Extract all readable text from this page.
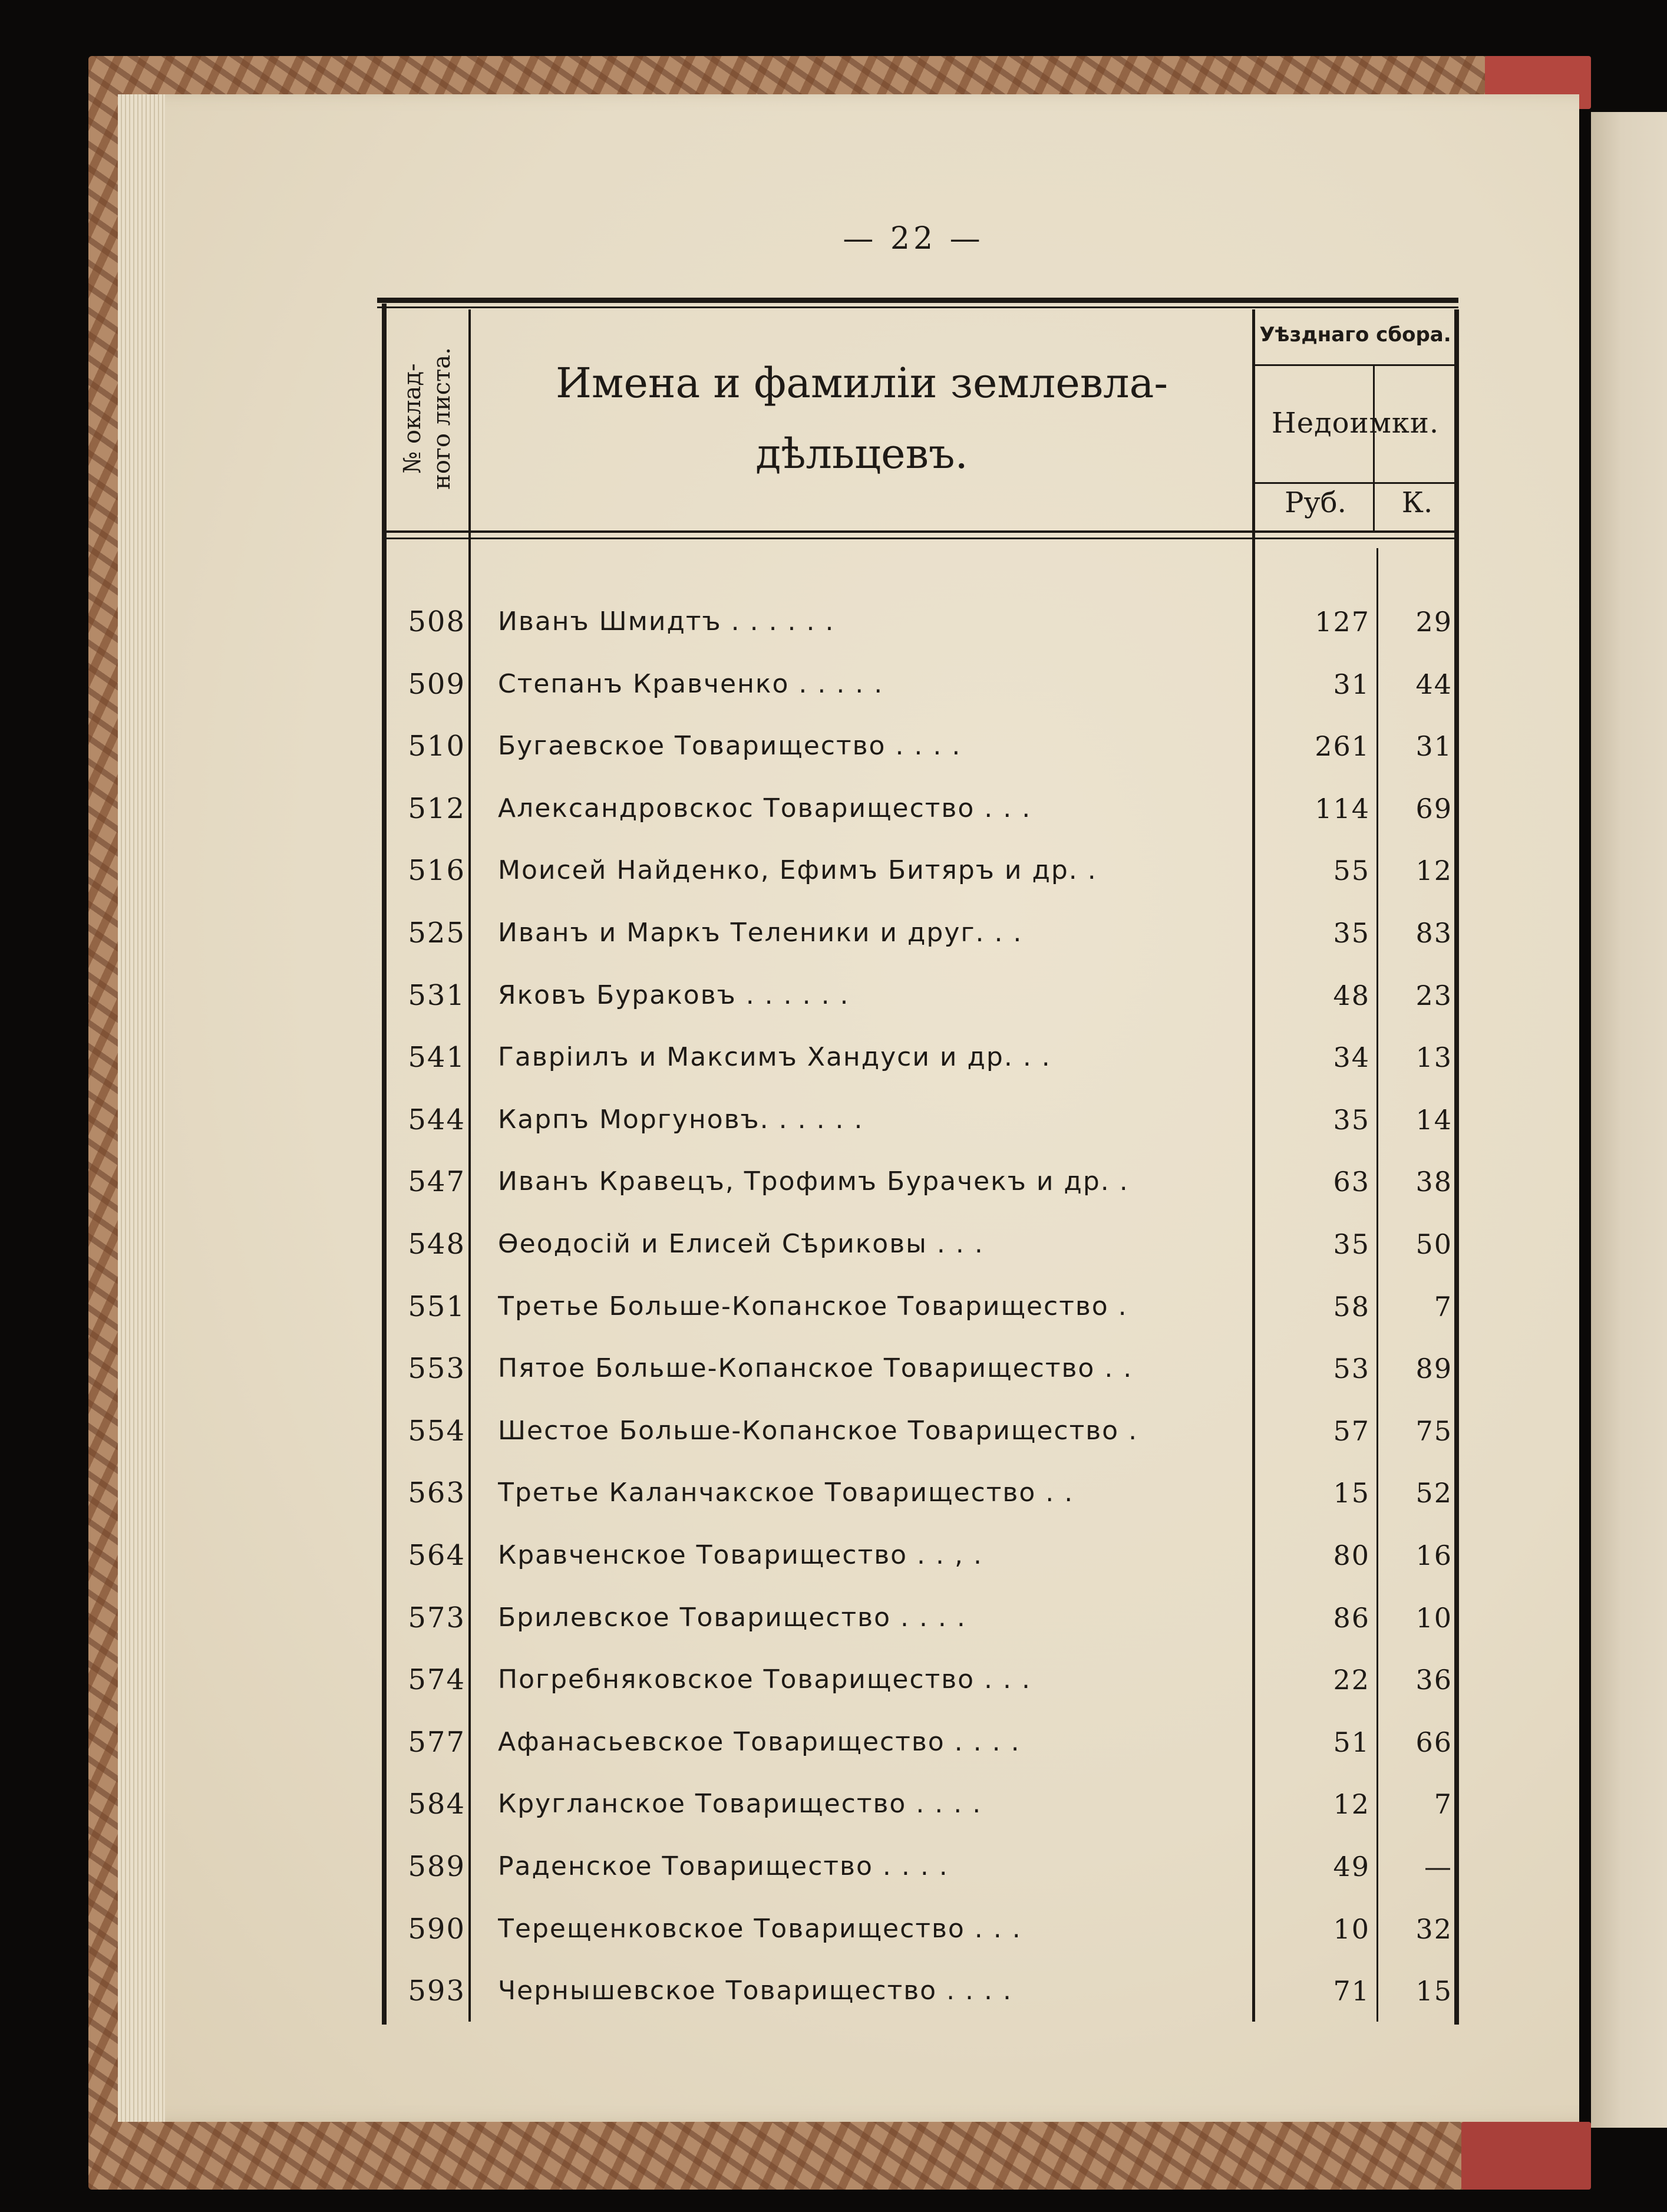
— 22 —
№ оклад- ного листа.	Имена и фамиліи землевла-
дѣльцевъ.
Уѣзднаго сбора.
Недоимки.
Руб.	К.
508 Иванъ Шмидтъ . . . . . .	127	29
509 Степанъ Кравченко . . . . .	31	44
510 Бугаевское Товарищество . . . .	261	31
512 Александровскос Товарищество . . .	114	69
516 Моисей Найденко, Ефимъ Битяръ и др. .	55	12
525 Иванъ и Маркъ Теленики и друг. . .	35	83
531 Яковъ Бураковъ . . . . . .	48	23
541 Гавріилъ и Максимъ Хандуси и др. . .	34	13
544 Карпъ Моргуновъ. . . . . .	35	14
547 Иванъ Кравецъ, Трофимъ Бурачекъ и др. .	63	38
548 Ѳеодосій и Елисей Сѣриковы . . .	35	50
551 Третье Больше-Копанское Товарищество .	58	7
553 Пятое Больше-Копанское Товарищество . .	53	89
554 Шестое Больше-Копанское Товарищество .	57	75
563 Третье Каланчакское Товарищество . .	15	52
564 Кравченское Товарищество . . , .	80	16
573 Брилевское Товарищество . . . .	86	10
574 Погребняковское Товарищество . . .	22	36
577 Афанасьевское Товарищество . . . .	51	66
584 Кругланское Товарищество . . . .	12	7
589 Раденское Товарищество . . . .	49	—
590 Терещенковское Товарищество . . .	10	32
593 Чернышевское Товарищество . . . .	71	15
